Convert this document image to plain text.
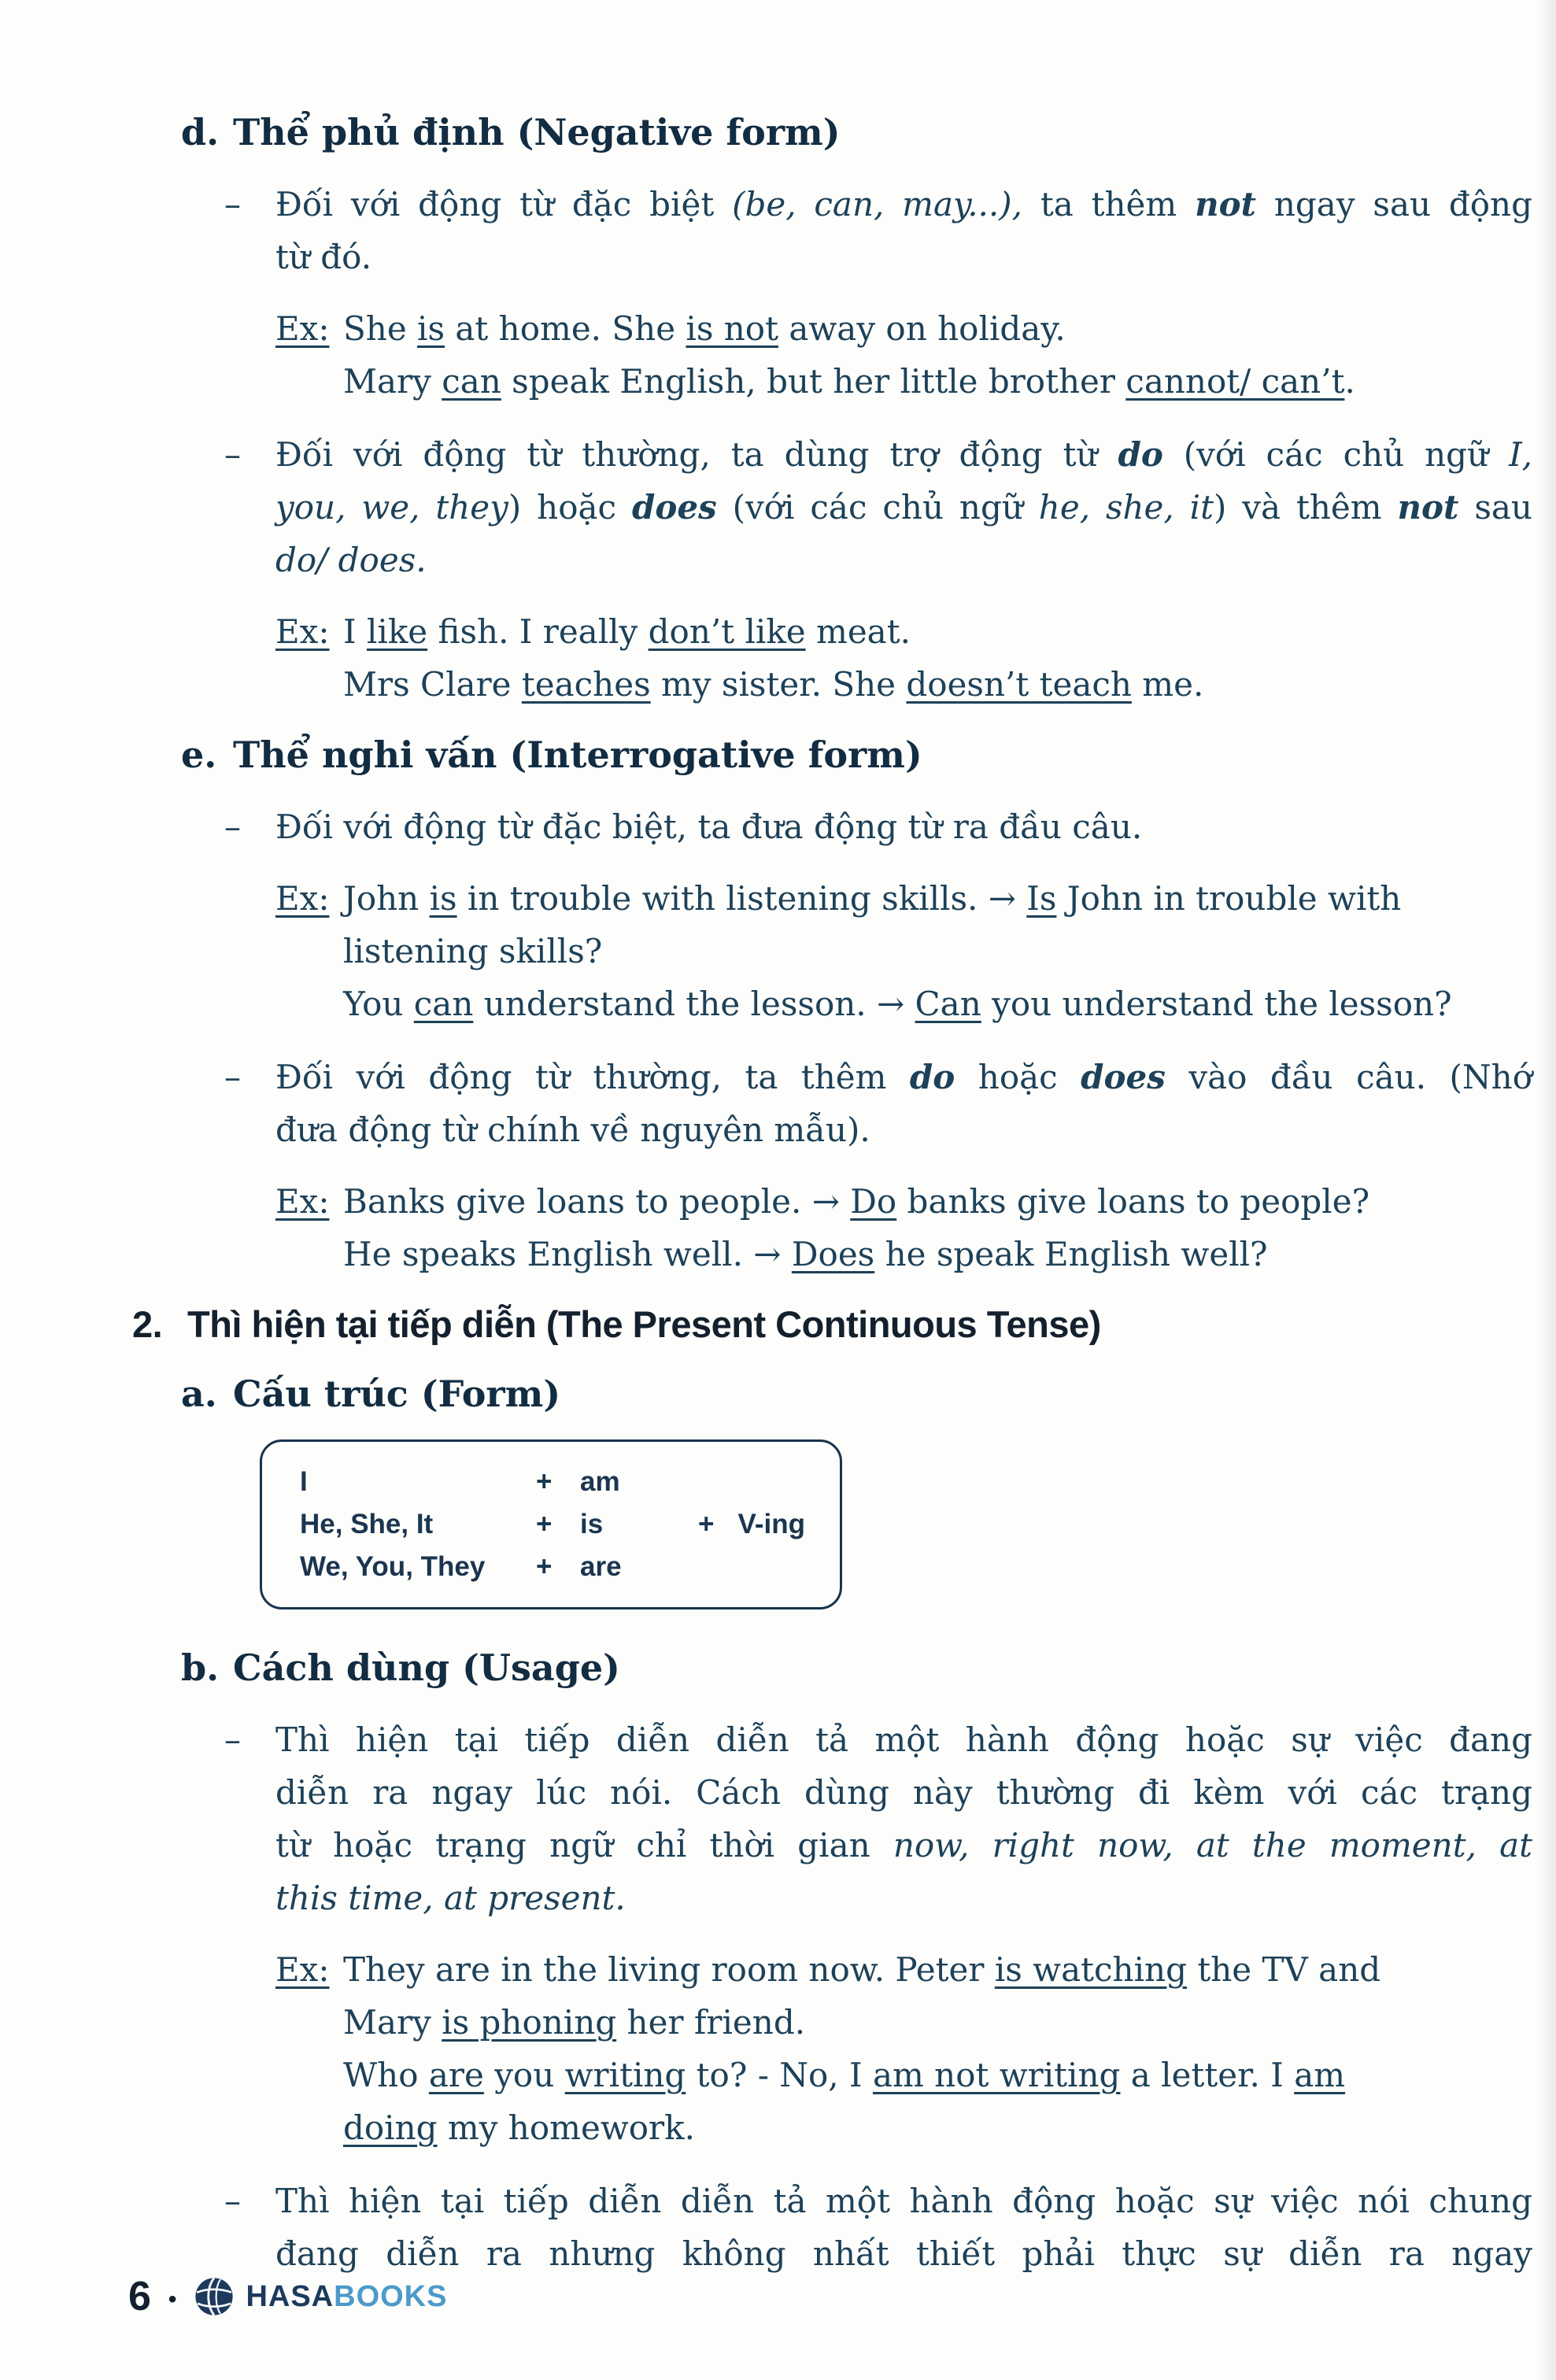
d. Thể phủ định (Negative form)
–	Đối với động từ đặc biệt (be, can, may...), ta thêm not ngay sau động
từ đó.
Ex: She is at home. She is not away on holiday.
Mary can speak English, but her little brother cannot/ can’t.
–	Đối với động từ thường, ta dùng trợ động từ do (với các chủ ngữ I,
you, we, they) hoặc does (với các chủ ngữ he, she, it) và thêm not sau
do/ does.
Ex: I like fish. I really don’t like meat.
Mrs Clare teaches my sister. She doesn’t teach me.
e. Thể nghi vấn (Interrogative form)
–	Đối với động từ đặc biệt, ta đưa động từ ra đầu câu.
Ex: John is in trouble with listening skills. → Is John in trouble with
listening skills?
You can understand the lesson. → Can you understand the lesson?
–	Đối với động từ thường, ta thêm do hoặc does vào đầu câu. (Nhớ
đưa động từ chính về nguyên mẫu).
Ex: Banks give loans to people. → Do banks give loans to people?
He speaks English well. → Does he speak English well?
2. Thì hiện tại tiếp diễn (The Present Continuous Tense)
a. Cấu trúc (Form)
I	+	am
He, She, It	+	is	+ V-ing
We, You, They	+	are
b. Cách dùng (Usage)
–	Thì hiện tại tiếp diễn diễn tả một hành động hoặc sự việc đang
diễn ra ngay lúc nói. Cách dùng này thường đi kèm với các trạng
từ hoặc trạng ngữ chỉ thời gian now, right now, at the moment, at
this time, at present.
Ex: They are in the living room now. Peter is watching the TV and
Mary is phoning her friend.
Who are you writing to? - No, I am not writing a letter. I am
doing my homework.
–	Thì hiện tại tiếp diễn diễn tả một hành động hoặc sự việc nói chung
đang diễn ra nhưng không nhất thiết phải thực sự diễn ra ngay
6 • HASABOOKS
